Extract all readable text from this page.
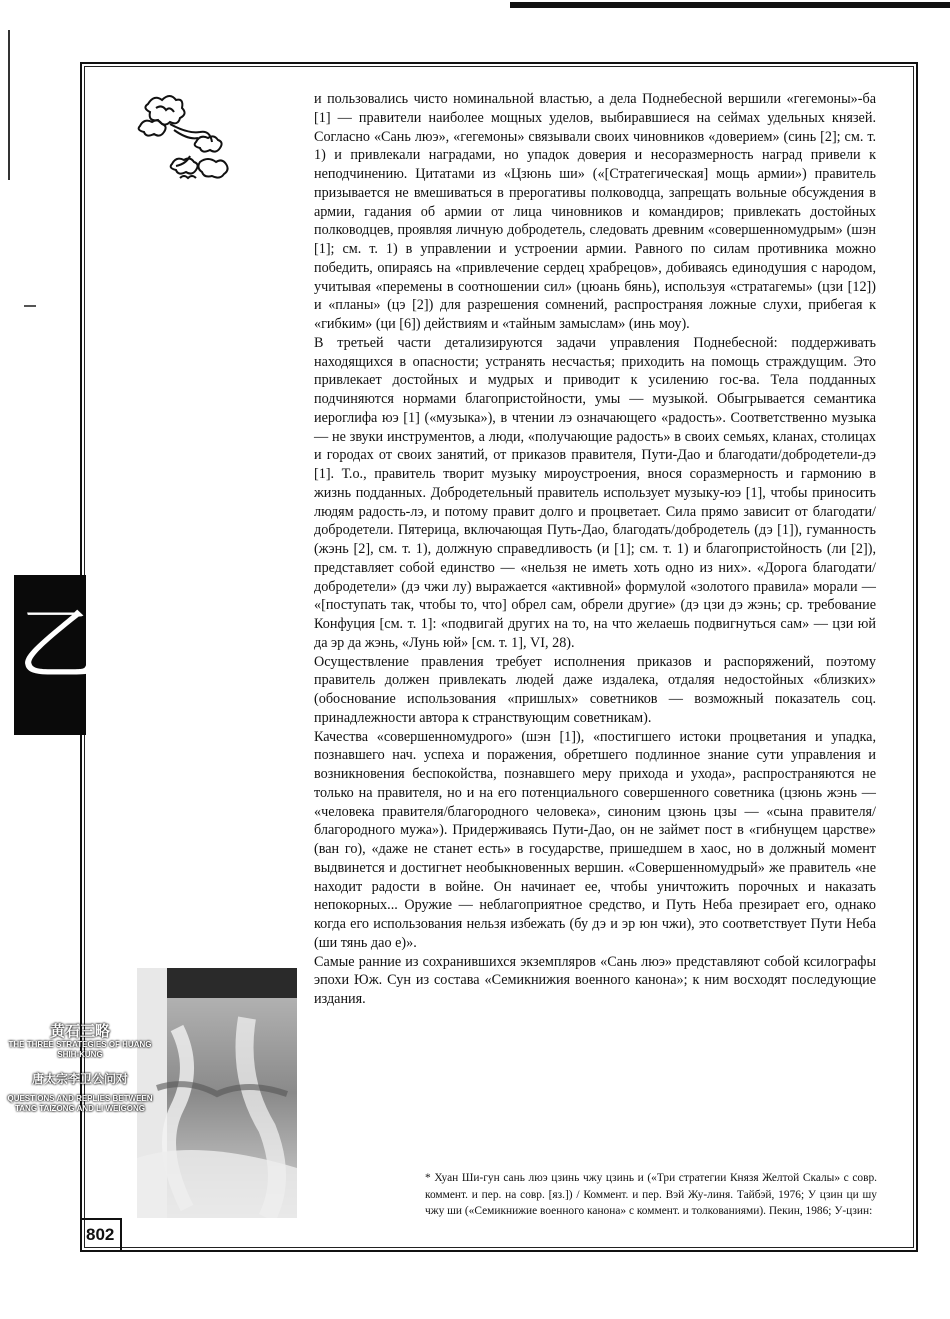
乙
黄石三略
THE THREE STRATEGIES OF HUANG SHIH-KUNG
唐太宗李卫公问对
QUESTIONS AND REPLIES BETWEEN TANG TAIZONG AND LI WEIGONG

и пользовались чисто номинальной властью, а дела Поднебесной вершили «гегемоны»-ба [1] — правители наиболее мощных уделов, выбиравшиеся на сеймах удельных князей. Согласно «Сань люэ», «гегемоны» связывали своих чиновников «доверием» (синь [2]; см. т. 1) и привлекали наградами, но упадок доверия и несоразмерность наград привели к неподчинению. Цитатами из «Цзюнь ши» («[Стратегическая] мощь армии») правитель призывается не вмешиваться в прерогативы полководца, запрещать вольные обсуждения в армии, гадания об армии от лица чиновников и командиров; привлекать достойных полководцев, проявляя личную добродетель, следовать древним «совершенномудрым» (шэн [1]; см. т. 1) в управлении и устроении армии. Равного по силам противника можно победить, опираясь на «привлечение сердец храбрецов», добиваясь единодушия с народом, учитывая «перемены в соотношении сил» (цюань бянь), используя «стратагемы» (цзи [12]) и «планы» (цэ [2]) для разрешения сомнений, распространяя ложные слухи, прибегая к «гибким» (ци [6]) действиям и «тайным замыслам» (инь моу).

В третьей части детализируются задачи управления Поднебесной: поддерживать находящихся в опасности; устранять несчастья; приходить на помощь страждущим. Это привлекает достойных и мудрых и приводит к усилению гос-ва. Тела подданных подчиняются нормами благопристойности, умы — музыкой. Обыгрывается семантика иероглифа юэ [1] («музыка»), в чтении лэ означающего «радость». Соответственно музыка — не звуки инструментов, а люди, «получающие радость» в своих семьях, кланах, столицах и городах от своих занятий, от приказов правителя, Пути-Дао и благодати/добродетели-дэ [1]. Т.о., правитель творит музыку мироустроения, внося соразмерность и гармонию в жизнь подданных. Добродетельный правитель использует музыку-юэ [1], чтобы приносить людям радость-лэ, и потому правит долго и процветает. Сила прямо зависит от благодати/добродетели. Пятерица, включающая Путь-Дао, благодать/добродетель (дэ [1]), гуманность (жэнь [2], см. т. 1), должную справедливость (и [1]; см. т. 1) и благопристойность (ли [2]), представляет собой единство — «нельзя не иметь хоть одно из них». «Дорога благодати/добродетели» (дэ чжи лу) выражается «активной» формулой «золотого правила» морали — «[поступать так, чтобы то, что] обрел сам, обрели другие» (дэ цзи дэ жэнь; ср. требование Конфуция [см. т. 1]: «подвигай других на то, на что желаешь подвигнуться сам» — цзи юй да эр да жэнь, «Лунь юй» [см. т. 1], VI, 28).

Осуществление правления требует исполнения приказов и распоряжений, поэтому правитель должен привлекать людей даже издалека, отдаляя недостойных «близких» (обоснование использования «пришлых» советников — возможный показатель соц. принадлежности автора к странствующим советникам).

Качества «совершенномудрого» (шэн [1]), «постигшего истоки процветания и упадка, познавшего нач. успеха и поражения, обретшего подлинное знание сути управления и возникновения беспокойства, познавшего меру прихода и ухода», распространяются не только на правителя, но и на его потенциального совершенного советника (цзюнь жэнь — «человека правителя/благородного человека», синоним цзюнь цзы — «сына правителя/благородного мужа»). Придерживаясь Пути-Дао, он не займет пост в «гибнущем царстве» (ван го), «даже не станет есть» в государстве, пришедшем в хаос, но в должный момент выдвинется и достигнет необыкновенных вершин. «Совершенномудрый» же правитель «не находит радости в войне. Он начинает ее, чтобы уничтожить порочных и наказать непокорных... Оружие — неблагоприятное средство, и Путь Неба презирает его, однако когда его использования нельзя избежать (бу дэ и эр юн чжи), это соответствует Пути Неба (ши тянь дао е)».

Самые ранние из сохранившихся экземпляров «Сань люэ» представляют собой ксилографы эпохи Юж. Сун из состава «Семикнижия военного канона»; к ним восходят последующие издания.

* Хуан Ши-гун сань люэ цзинь чжу цзинь и («Три стратегии Князя Желтой Скалы» с совр. коммент. и пер. на совр. [яз.]) / Коммент. и пер. Вэй Жу-линя. Тайбэй, 1976; У цзин ци шу чжу ши («Семикнижие военного канона» с коммент. и толкованиями). Пекин, 1986; У-цзин:
802
